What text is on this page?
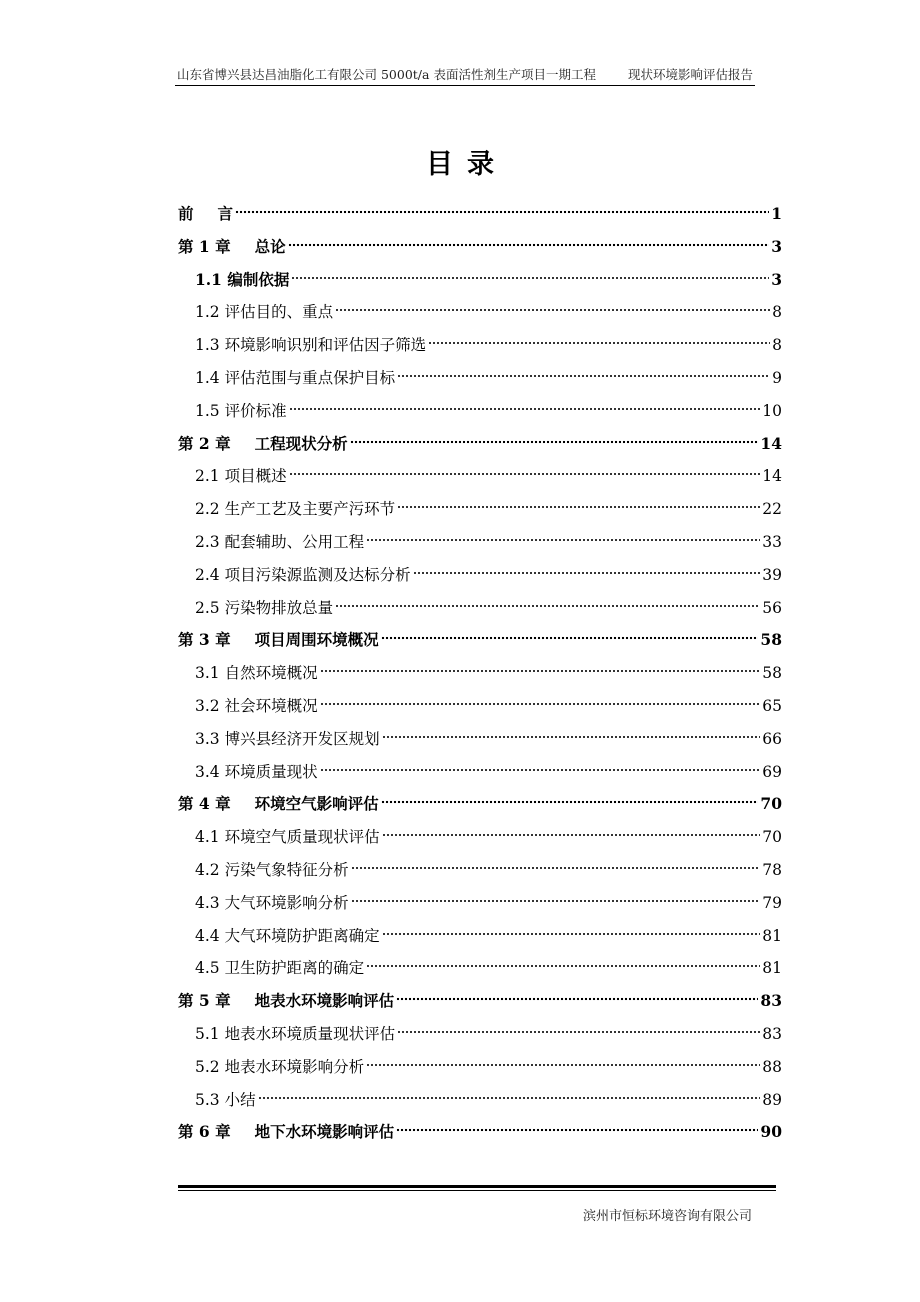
山东省博兴县达昌油脂化工有限公司 5000t/a 表面活性剂生产项目一期工程	现状环境影响评估报告
目录
前 言	1
第 1 章 总论	3
1.1 编制依据	3
1.2 评估目的、重点	8
1.3 环境影响识别和评估因子筛选	8
1.4 评估范围与重点保护目标	9
1.5 评价标准	10
第 2 章 工程现状分析	14
2.1 项目概述	14
2.2 生产工艺及主要产污环节	22
2.3 配套辅助、公用工程	33
2.4 项目污染源监测及达标分析	39
2.5 污染物排放总量	56
第 3 章 项目周围环境概况	58
3.1 自然环境概况	58
3.2 社会环境概况	65
3.3 博兴县经济开发区规划	66
3.4 环境质量现状	69
第 4 章 环境空气影响评估	70
4.1 环境空气质量现状评估	70
4.2 污染气象特征分析	78
4.3 大气环境影响分析	79
4.4 大气环境防护距离确定	81
4.5 卫生防护距离的确定	81
第 5 章 地表水环境影响评估	83
5.1 地表水环境质量现状评估	83
5.2 地表水环境影响分析	88
5.3 小结	89
第 6 章 地下水环境影响评估	90
滨州市恒标环境咨询有限公司
